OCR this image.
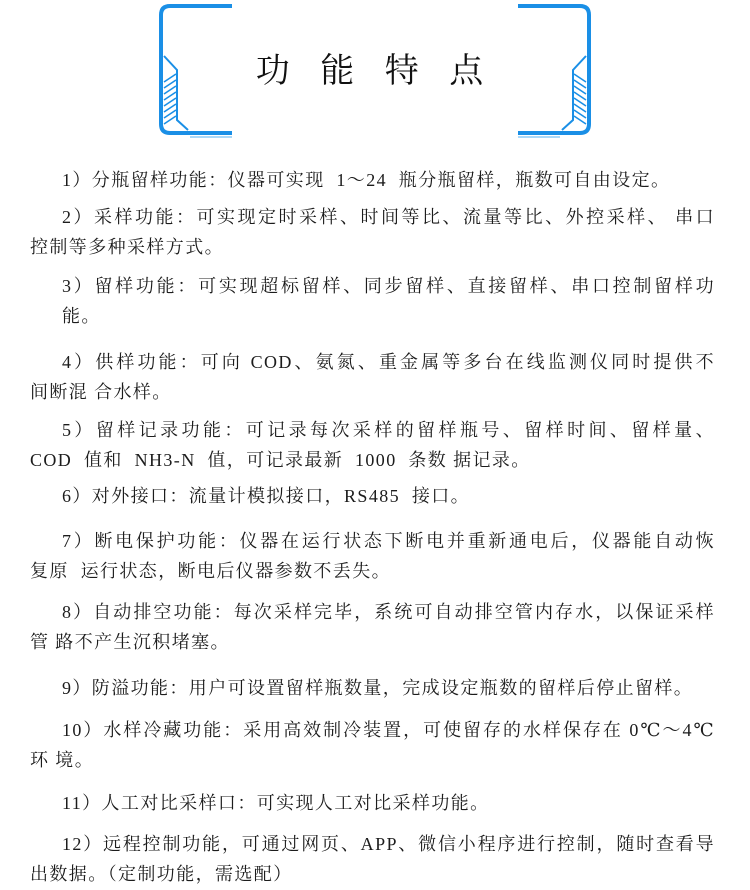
功 能 特 点
1）分瓶留样功能：仪器可实现  1～24  瓶分瓶留样，瓶数可自由设定。
2）采样功能：可实现定时采样、时间等比、流量等比、外控采样、 串口
控制等多种采样方式。
3）留样功能：可实现超标留样、同步留样、直接留样、串口控制留样功
能。
4）供样功能：可向 COD、氨氮、重金属等多台在线监测仪同时提供不
间断混 合水样。
5）留样记录功能：可记录每次采样的留样瓶号、留样时间、留样量、
COD  值和  NH3-N  值，可记录最新  1000  条数 据记录。
6）对外接口：流量计模拟接口，RS485  接口。
7）断电保护功能：仪器在运行状态下断电并重新通电后，仪器能自动恢
复原  运行状态，断电后仪器参数不丢失。
8）自动排空功能：每次采样完毕，系统可自动排空管内存水，以保证采样
管 路不产生沉积堵塞。
9）防溢功能：用户可设置留样瓶数量，完成设定瓶数的留样后停止留样。
10）水样冷藏功能：采用高效制冷装置，可使留存的水样保存在 0℃～4℃
环 境。
11）人工对比采样口：可实现人工对比采样功能。
12）远程控制功能，可通过网页、APP、微信小程序进行控制，随时查看导
出数据。（定制功能，需选配）
